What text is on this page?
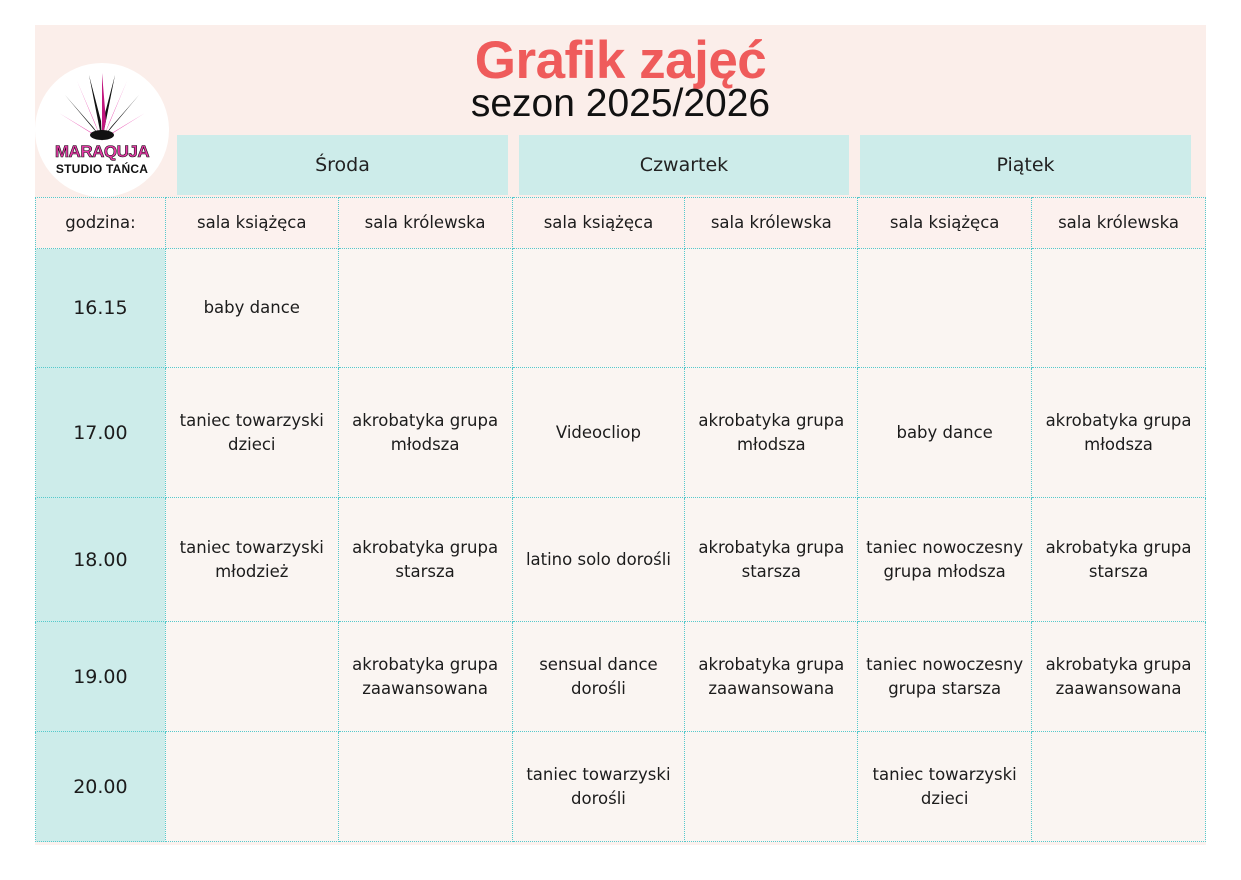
MARAQUJA
STUDIO TAŃCA
Grafik zajęć
sezon 2025/2026
Środa	Czwartek	Piątek
godzina:	sala książęca	sala królewska	sala książęca	sala królewska	sala książęca	sala królewska
16.15	baby dance					
17.00	taniec towarzyski dzieci	akrobatyka grupa młodsza	Videocliop	akrobatyka grupa młodsza	baby dance	akrobatyka grupa młodsza
18.00	taniec towarzyski młodzież	akrobatyka grupa starsza	latino solo dorośli	akrobatyka grupa starsza	taniec nowoczesny grupa młodsza	akrobatyka grupa starsza
19.00		akrobatyka grupa zaawansowana	sensual dance dorośli	akrobatyka grupa zaawansowana	taniec nowoczesny grupa starsza	akrobatyka grupa zaawansowana
20.00			taniec towarzyski dorośli		taniec towarzyski dzieci	
